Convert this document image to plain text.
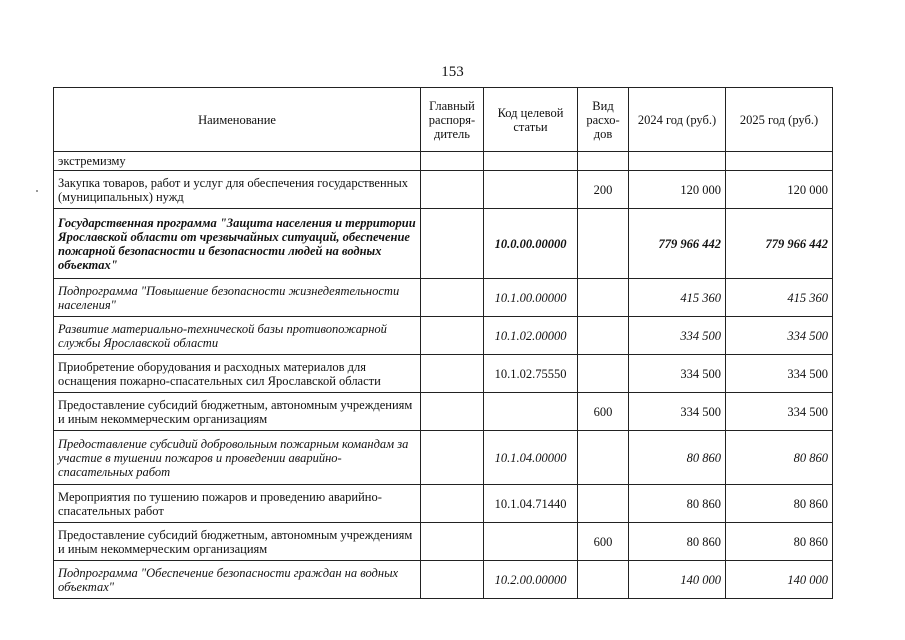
153
Наименование	Главный распоря-дитель	Код целевой статьи	Вид расхо-дов	2024 год (руб.)	2025 год (руб.)
экстремизму					
Закупка товаров, работ и услуг для обеспечения государственных (муниципальных) нужд			200	120 000	120 000
Государственная программа "Защита населения и территории Ярославской области от чрезвычайных ситуаций, обеспечение пожарной безопасности и безопасности людей на водных объектах"		10.0.00.00000		779 966 442	779 966 442
Подпрограмма "Повышение безопасности жизнедеятельности населения"		10.1.00.00000		415 360	415 360
Развитие материально-технической базы противопожарной службы Ярославской области		10.1.02.00000		334 500	334 500
Приобретение оборудования и расходных материалов для оснащения пожарно-спасательных сил Ярославской области		10.1.02.75550		334 500	334 500
Предоставление субсидий бюджетным, автономным учреждениям и иным некоммерческим организациям			600	334 500	334 500
Предоставление субсидий добровольным пожарным командам за участие в тушении пожаров и проведении аварийно-спасательных работ		10.1.04.00000		80 860	80 860
Мероприятия по тушению пожаров и проведению аварийно-спасательных работ		10.1.04.71440		80 860	80 860
Предоставление субсидий бюджетным, автономным учреждениям и иным некоммерческим организациям			600	80 860	80 860
Подпрограмма "Обеспечение безопасности граждан на водных объектах"		10.2.00.00000		140 000	140 000
